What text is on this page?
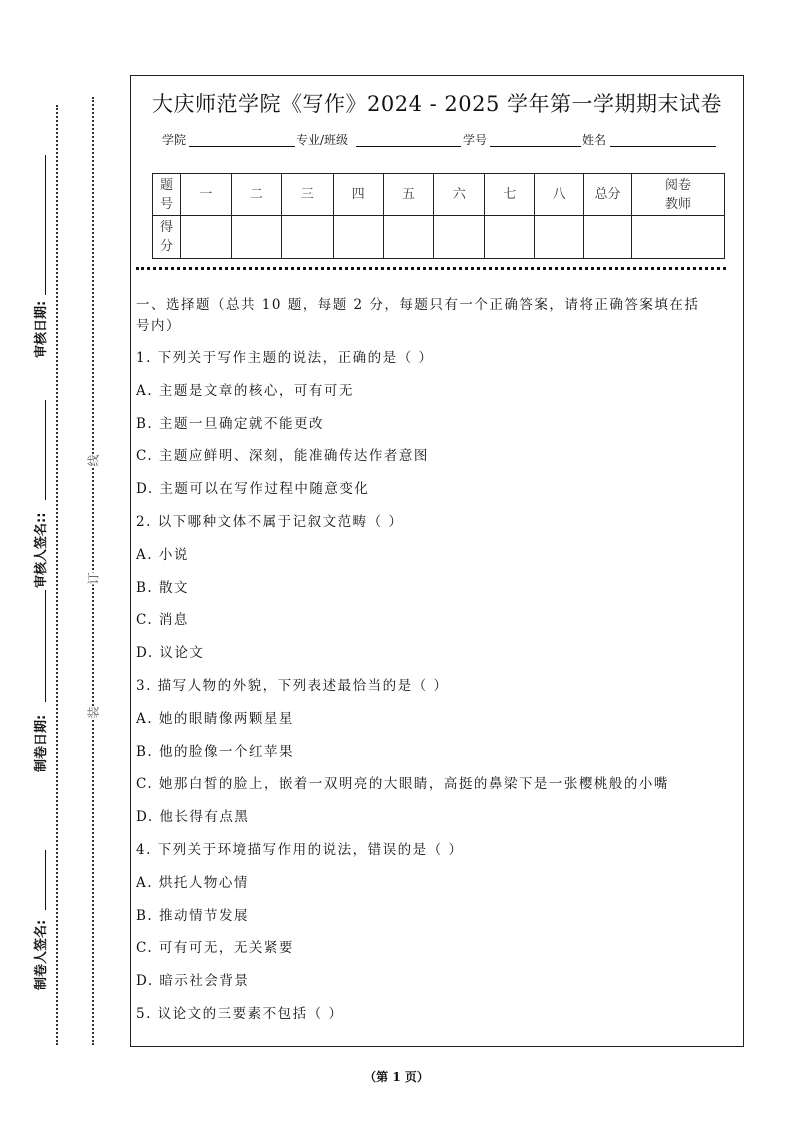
装
订
线
制卷人签名:
制卷日期:
审核人签名::
审核日期:
大庆师范学院《写作》2024 - 2025 学年第一学期期末试卷
学院	专业/班级	学号	姓名
题号	一	二	三	四	五	六	七	八	总分	阅卷教师
得分										
一、选择题（总共 10 题，每题 2 分，每题只有一个正确答案，请将正确答案填在括
号内）
1. 下列关于写作主题的说法，正确的是（ ）
A. 主题是文章的核心，可有可无
B. 主题一旦确定就不能更改
C. 主题应鲜明、深刻，能准确传达作者意图
D. 主题可以在写作过程中随意变化
2. 以下哪种文体不属于记叙文范畴（ ）
A. 小说
B. 散文
C. 消息
D. 议论文
3. 描写人物的外貌，下列表述最恰当的是（ ）
A. 她的眼睛像两颗星星
B. 他的脸像一个红苹果
C. 她那白皙的脸上，嵌着一双明亮的大眼睛，高挺的鼻梁下是一张樱桃般的小嘴
D. 他长得有点黑
4. 下列关于环境描写作用的说法，错误的是（ ）
A. 烘托人物心情
B. 推动情节发展
C. 可有可无，无关紧要
D. 暗示社会背景
5. 议论文的三要素不包括（ ）
（第 1 页）
